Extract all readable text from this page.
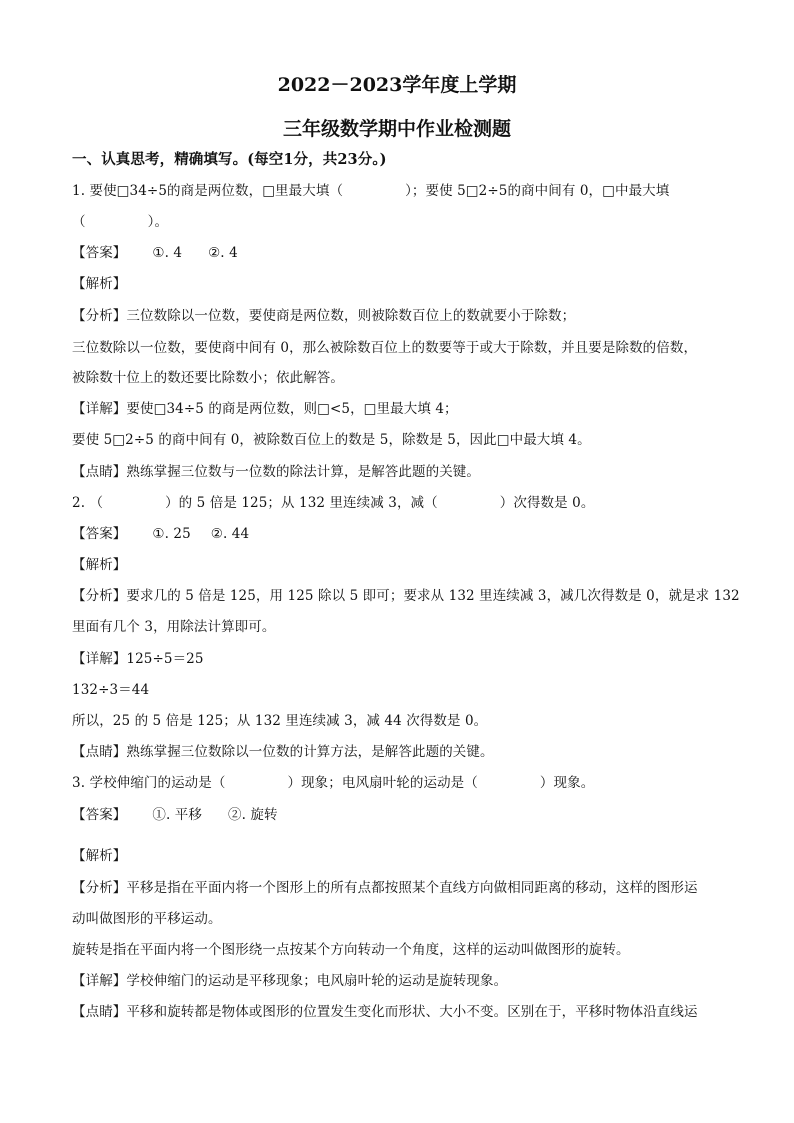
2022－2023学年度上学期
三年级数学期中作业检测题
一、认真思考，精确填写。(每空1分，共23分。)
1. 要使□34÷5的商是两位数，□里最大填（	）；要使 5□2÷5的商中间有 0，□中最大填
（	）。
【答案】 ①. 4 ②. 4
【解析】
【分析】三位数除以一位数，要使商是两位数，则被除数百位上的数就要小于除数；
三位数除以一位数，要使商中间有 0，那么被除数百位上的数要等于或大于除数，并且要是除数的倍数，
被除数十位上的数还要比除数小；依此解答。
【详解】要使□34÷5 的商是两位数，则□<5，□里最大填 4；
要使 5□2÷5 的商中间有 0，被除数百位上的数是 5，除数是 5，因此□中最大填 4。
【点睛】熟练掌握三位数与一位数的除法计算，是解答此题的关键。
2. （	）的 5 倍是 125；从 132 里连续减 3，减（	）次得数是 0。
【答案】 ①. 25 ②. 44
【解析】
【分析】要求几的 5 倍是 125，用 125 除以 5 即可；要求从 132 里连续减 3，减几次得数是 0，就是求 132
里面有几个 3，用除法计算即可。
【详解】125÷5＝25
132÷3＝44
所以，25 的 5 倍是 125；从 132 里连续减 3，减 44 次得数是 0。
【点睛】熟练掌握三位数除以一位数的计算方法，是解答此题的关键。
3. 学校伸缩门的运动是（	）现象；电风扇叶轮的运动是（	）现象。
【答案】 ①. 平移 ②. 旋转
【解析】
【分析】平移是指在平面内将一个图形上的所有点都按照某个直线方向做相同距离的移动，这样的图形运
动叫做图形的平移运动。
旋转是指在平面内将一个图形绕一点按某个方向转动一个角度，这样的运动叫做图形的旋转。
【详解】学校伸缩门的运动是平移现象；电风扇叶轮的运动是旋转现象。
【点睛】平移和旋转都是物体或图形的位置发生变化而形状、大小不变。区别在于，平移时物体沿直线运
